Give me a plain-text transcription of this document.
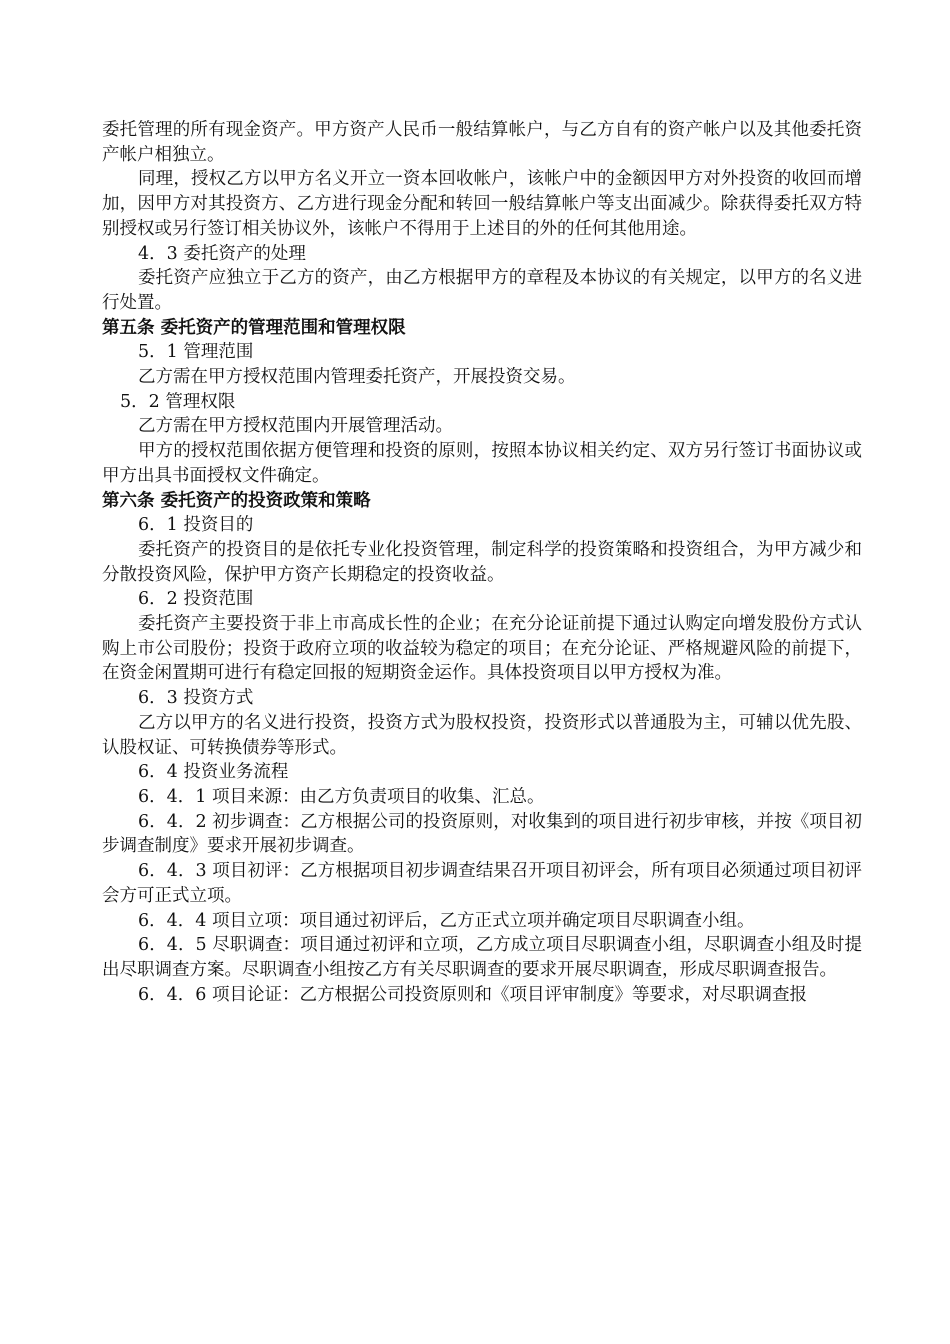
委托管理的所有现金资产。甲方资产人民币一般结算帐户，与乙方自有的资产帐户以及其他委托资产帐户相独立。

同理，授权乙方以甲方名义开立一资本回收帐户，该帐户中的金额因甲方对外投资的收回而增加，因甲方对其投资方、乙方进行现金分配和转回一般结算帐户等支出面减少。除获得委托双方特别授权或另行签订相关协议外，该帐户不得用于上述目的外的任何其他用途。

4．3 委托资产的处理

委托资产应独立于乙方的资产，由乙方根据甲方的章程及本协议的有关规定，以甲方的名义进行处置。

第五条 委托资产的管理范围和管理权限

5．1 管理范围

乙方需在甲方授权范围内管理委托资产，开展投资交易。

5．2 管理权限

乙方需在甲方授权范围内开展管理活动。

甲方的授权范围依据方便管理和投资的原则，按照本协议相关约定、双方另行签订书面协议或甲方出具书面授权文件确定。

第六条 委托资产的投资政策和策略

6．1 投资目的

委托资产的投资目的是依托专业化投资管理，制定科学的投资策略和投资组合，为甲方减少和分散投资风险，保护甲方资产长期稳定的投资收益。

6．2 投资范围

委托资产主要投资于非上市高成长性的企业；在充分论证前提下通过认购定向增发股份方式认购上市公司股份；投资于政府立项的收益较为稳定的项目；在充分论证、严格规避风险的前提下，在资金闲置期可进行有稳定回报的短期资金运作。具体投资项目以甲方授权为准。

6．3 投资方式

乙方以甲方的名义进行投资，投资方式为股权投资，投资形式以普通股为主，可辅以优先股、认股权证、可转换债券等形式。

6．4 投资业务流程

6．4．1 项目来源：由乙方负责项目的收集、汇总。

6．4．2 初步调查：乙方根据公司的投资原则，对收集到的项目进行初步审核，并按《项目初步调查制度》要求开展初步调查。

6．4．3 项目初评：乙方根据项目初步调查结果召开项目初评会，所有项目必须通过项目初评会方可正式立项。

6．4．4 项目立项：项目通过初评后，乙方正式立项并确定项目尽职调查小组。

6．4．5 尽职调查：项目通过初评和立项，乙方成立项目尽职调查小组，尽职调查小组及时提出尽职调查方案。尽职调查小组按乙方有关尽职调查的要求开展尽职调查，形成尽职调查报告。

6．4．6 项目论证：乙方根据公司投资原则和《项目评审制度》等要求，对尽职调查报
